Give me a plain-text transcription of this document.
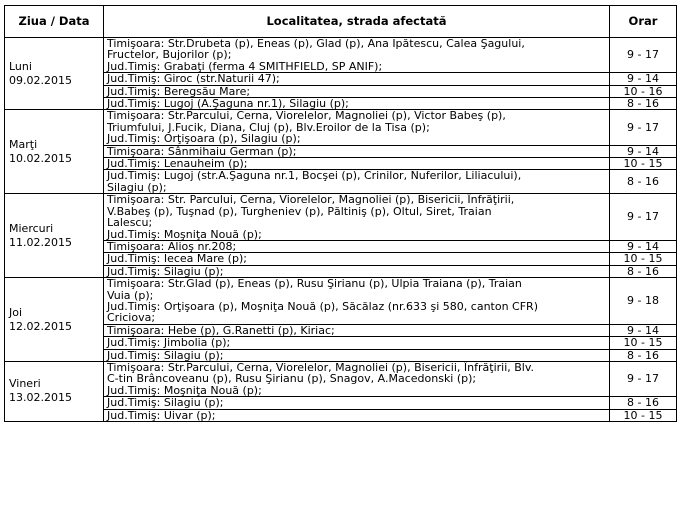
Ziua / Data	Localitatea, strada afectată	Orar

Luni
09.02.2015	Timişoara: Str.Drubeta (p), Eneas (p), Glad (p), Ana Ipătescu, Calea Şagului,
Fructelor, Bujorilor (p);
Jud.Timiş: Grabaţi (ferma 4 SMITHFIELD, SP ANIF);	9 - 17
	Jud.Timiş: Giroc (str.Naturii 47);	9 - 14
	Jud.Timiş: Beregsău Mare;	10 - 16
	Jud.Timiş: Lugoj (A.Şaguna nr.1), Silagiu (p);	8 - 16

Marţi
10.02.2015	Timişoara: Str.Parcului, Cerna, Viorelelor, Magnoliei (p), Victor Babeş (p),
Triumfului, J.Fucik, Diana, Cluj (p), Blv.Eroilor de la Tisa (p);
Jud.Timiş: Orţişoara (p), Silagiu (p);	9 - 17
	Timişoara: Sânmihaiu German (p);	9 - 14
	Jud.Timiş: Lenauheim (p);	10 - 15
	Jud.Timiş: Lugoj (str.A.Şaguna nr.1, Bocşei (p), Crinilor, Nuferilor, Liliacului),
Silagiu (p);	8 - 16

Miercuri
11.02.2015	Timişoara: Str. Parcului, Cerna, Viorelelor, Magnoliei (p), Bisericii, Înfrăţirii,
V.Babeş (p), Tuşnad (p), Turgheniev (p), Păltiniş (p), Oltul, Siret, Traian
Lalescu;
Jud.Timiş: Moşniţa Nouă (p);	9 - 17
	Timişoara: Alioş nr.208;	9 - 14
	Jud.Timiş: Iecea Mare (p);	10 - 15
	Jud.Timiş: Silagiu (p);	8 - 16

Joi
12.02.2015	Timişoara: Str.Glad (p), Eneas (p), Rusu Şirianu (p), Ulpia Traiana (p), Traian
Vuia (p);
Jud.Timiş: Orţişoara (p), Moşniţa Nouă (p), Săcălaz (nr.633 şi 580, canton CFR)
Criciova;	9 - 18
	Timişoara: Hebe (p), G.Ranetti (p), Kiriac;	9 - 14
	Jud.Timiş: Jimbolia (p);	10 - 15
	Jud.Timiş: Silagiu (p);	8 - 16

Vineri
13.02.2015	Timişoara: Str.Parcului, Cerna, Viorelelor, Magnoliei (p), Bisericii, Înfrăţirii, Blv.
C-tin Brâncoveanu (p), Rusu Şirianu (p), Snagov, A.Macedonski (p);
Jud.Timiş: Moşniţa Nouă (p);	9 - 17
	Jud.Timiş: Silagiu (p);	8 - 16
	Jud.Timiş: Uivar (p);	10 - 15
